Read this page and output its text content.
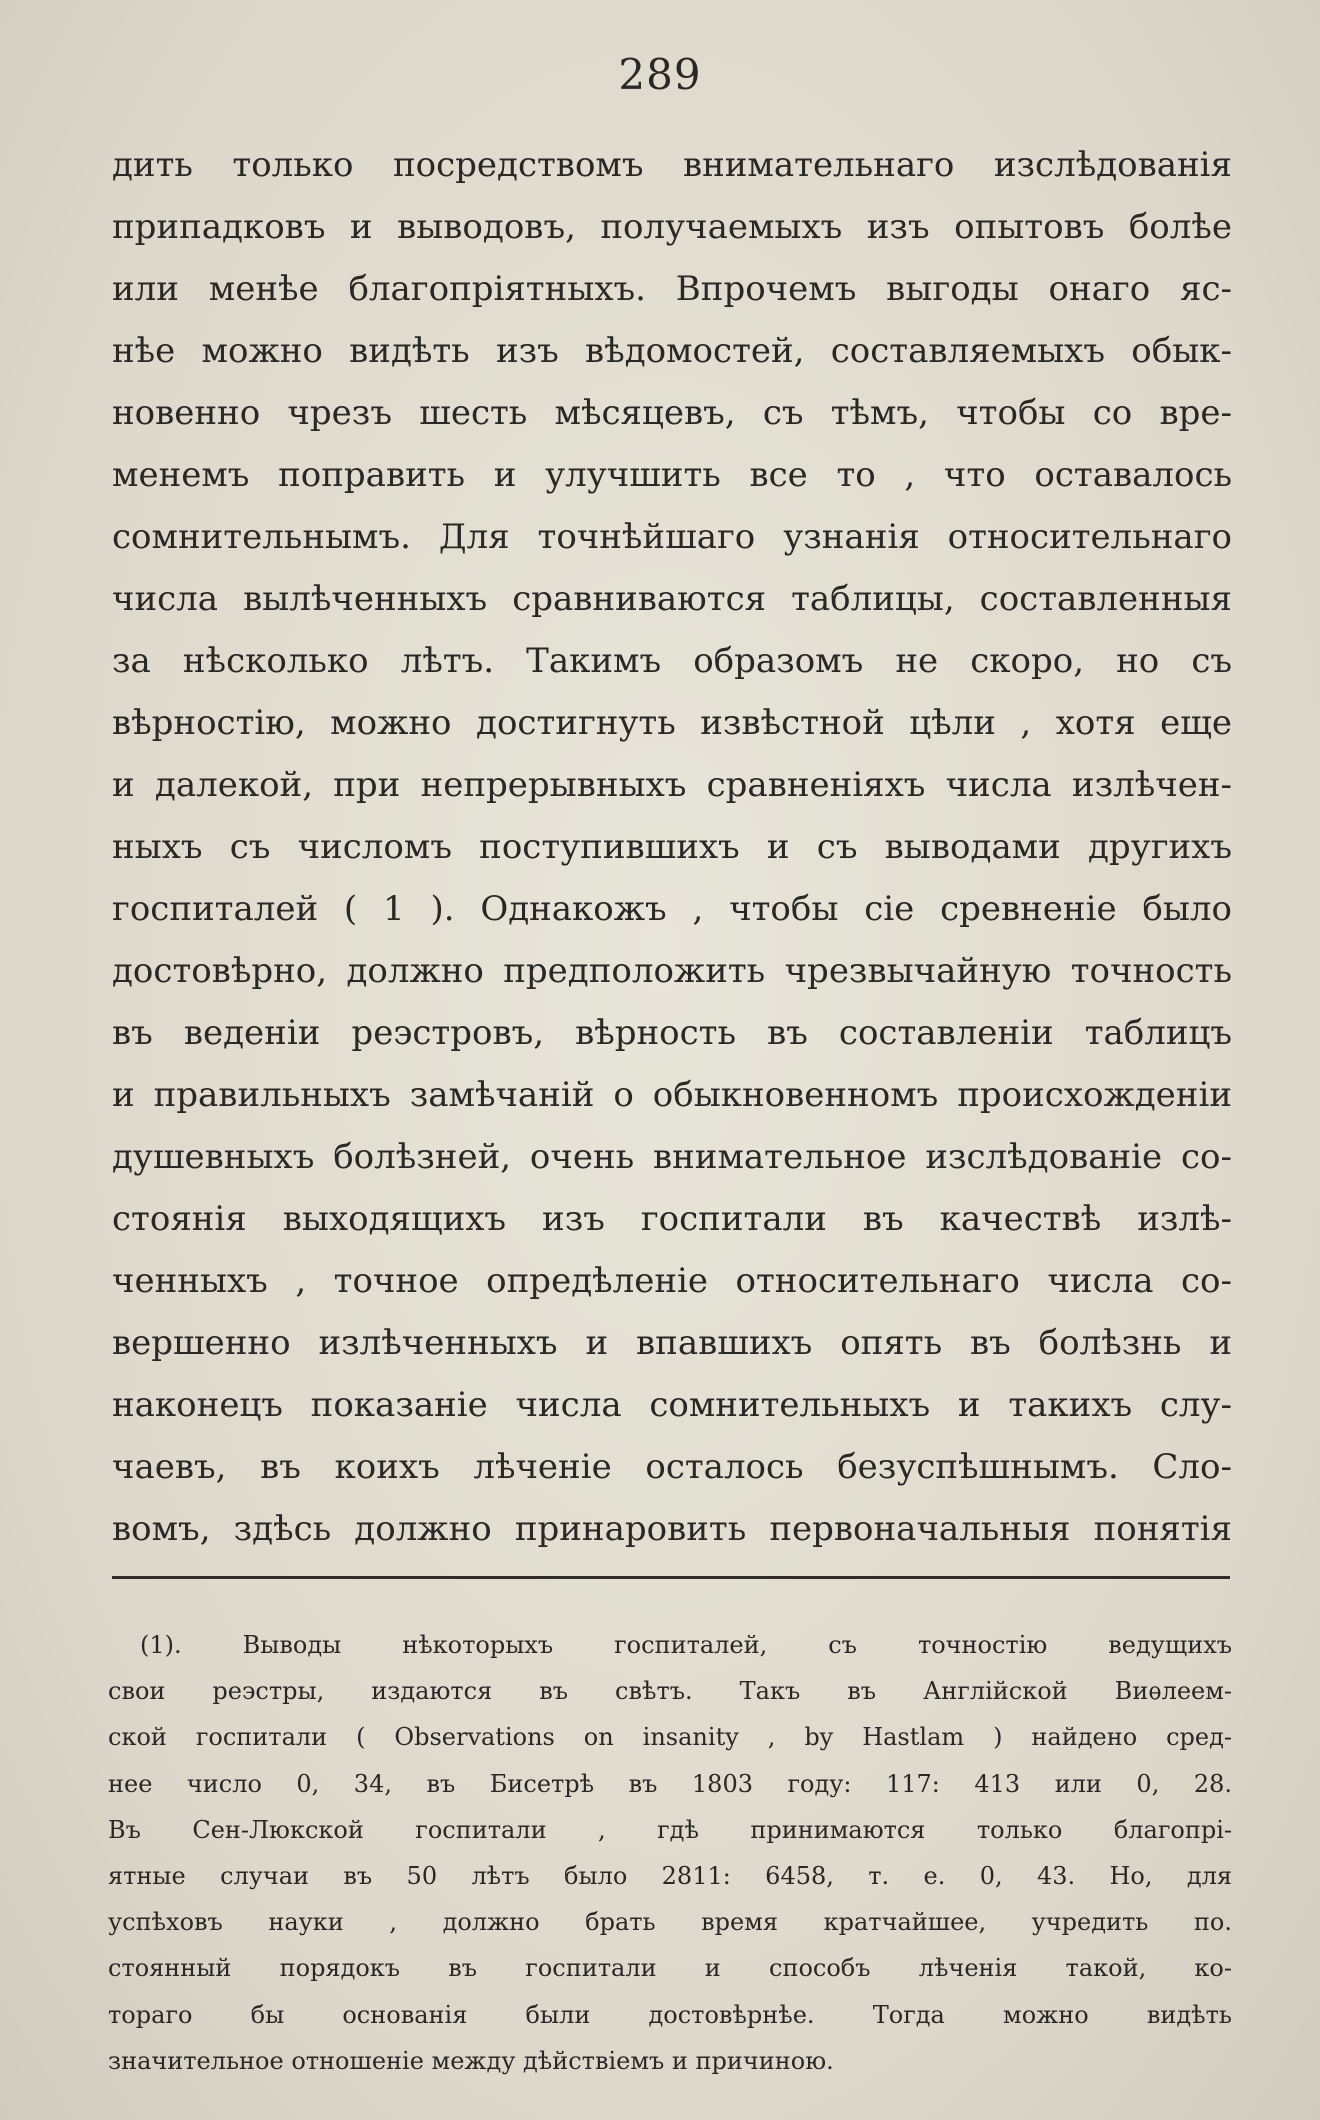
289
дить только посредствомъ внимательнаго изслѣдованія
припадковъ и выводовъ, получаемыхъ изъ опытовъ болѣе
или менѣе благопріятныхъ. Впрочемъ выгоды онаго яс-
нѣе можно видѣть изъ вѣдомостей, составляемыхъ обык-
новенно чрезъ шесть мѣсяцевъ, съ тѣмъ, чтобы со вре-
менемъ поправить и улучшить все то , что оставалось
сомнительнымъ. Для точнѣйшаго узнанія относительнаго
числа вылѣченныхъ сравниваются таблицы, составленныя
за нѣсколько лѣтъ. Такимъ образомъ не скоро, но съ
вѣрностію, можно достигнуть извѣстной цѣли , хотя еще
и далекой, при непрерывныхъ сравненіяхъ числа излѣчен-
ныхъ съ числомъ поступившихъ и съ выводами другихъ
госпиталей ( 1 ). Однакожъ , чтобы сіе сревненіе было
достовѣрно, должно предположить чрезвычайную точность
въ веденіи реэстровъ, вѣрность въ составленіи таблицъ
и правильныхъ замѣчаній о обыкновенномъ происхожденіи
душевныхъ болѣзней, очень внимательное изслѣдованіе со-
стоянія выходящихъ изъ госпитали въ качествѣ излѣ-
ченныхъ , точное опредѣленіе относительнаго числа со-
вершенно излѣченныхъ и впавшихъ опять въ болѣзнь и
наконецъ показаніе числа сомнительныхъ и такихъ слу-
чаевъ, въ коихъ лѣченіе осталось безуспѣшнымъ. Сло-
вомъ, здѣсь должно принаровить первоначальныя понятія
(1). Выводы нѣкоторыхъ госпиталей, съ точностію ведущихъ
свои реэстры, издаются въ свѣтъ. Такъ въ Англійской Виѳлеем-
ской госпитали ( Observations on insanity , by Hastlam ) найдено сред-
нее число 0, 34, въ Бисетрѣ въ 1803 году: 117: 413 или 0, 28.
Въ Сен-Люкской госпитали , гдѣ принимаются только благопрі-
ятные случаи въ 50 лѣтъ было 2811: 6458, т. е. 0, 43. Но, для
успѣховъ науки , должно брать время кратчайшее, учредить по.
стоянный порядокъ въ госпитали и способъ лѣченія такой, ко-
тораго бы основанія были достовѣрнѣе. Тогда можно видѣть
значительное отношеніе между дѣйствіемъ и причиною.
